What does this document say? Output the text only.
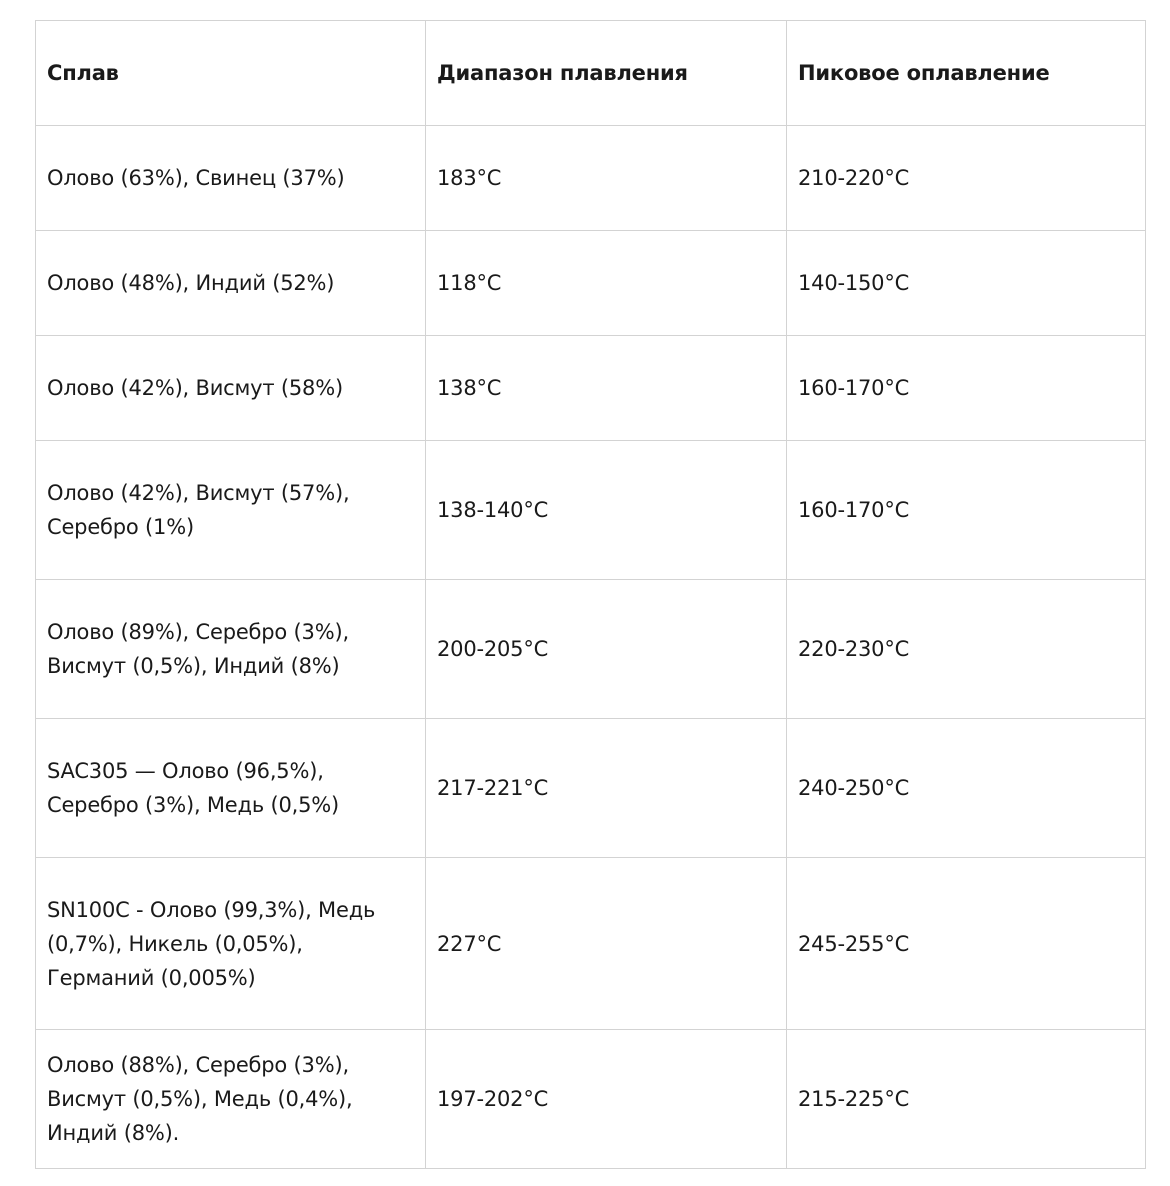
Сплав	Диапазон плавления	Пиковое оплавление
Олово (63%), Свинец (37%)	183°C	210-220°C
Олово (48%), Индий (52%)	118°C	140-150°C
Олово (42%), Висмут (58%)	138°C	160-170°C
Олово (42%), Висмут (57%), Серебро (1%)	138-140°C	160-170°C
Олово (89%), Серебро (3%), Висмут (0,5%), Индий (8%)	200-205°C	220-230°C
SAC305 — Олово (96,5%), Серебро (3%), Медь (0,5%)	217-221°C	240-250°C
SN100C - Олово (99,3%), Медь (0,7%), Никель (0,05%), Германий (0,005%)	227°C	245-255°C
Олово (88%), Серебро (3%), Висмут (0,5%), Медь (0,4%), Индий (8%).	197-202°C	215-225°C
